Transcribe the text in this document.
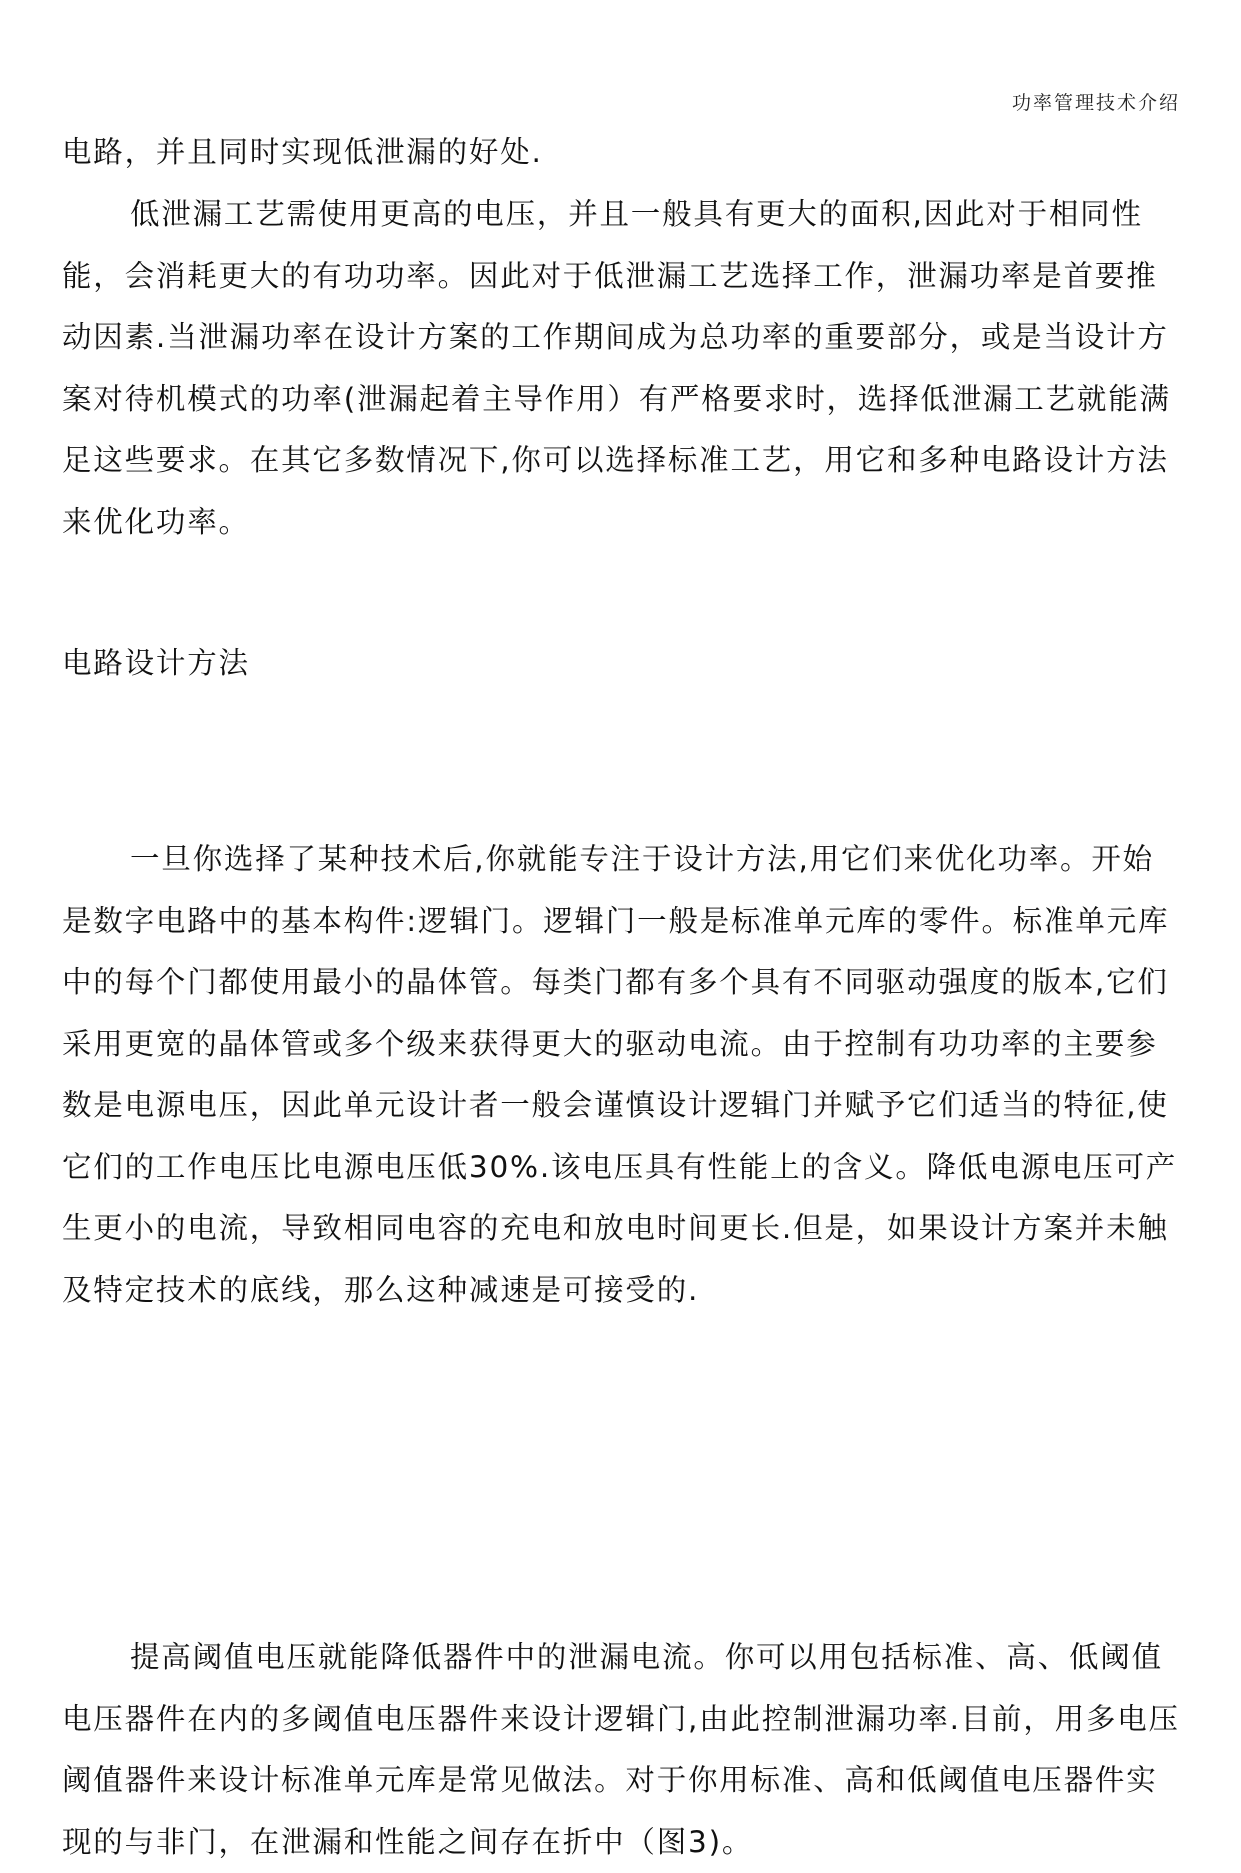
功率管理技术介绍

电路，并且同时实现低泄漏的好处.

低泄漏工艺需使用更高的电压，并且一般具有更大的面积,因此对于相同性能，会消耗更大的有功功率。因此对于低泄漏工艺选择工作，泄漏功率是首要推动因素.当泄漏功率在设计方案的工作期间成为总功率的重要部分，或是当设计方案对待机模式的功率(泄漏起着主导作用）有严格要求时，选择低泄漏工艺就能满足这些要求。在其它多数情况下,你可以选择标准工艺，用它和多种电路设计方法来优化功率。

电路设计方法

一旦你选择了某种技术后,你就能专注于设计方法,用它们来优化功率。开始是数字电路中的基本构件:逻辑门。逻辑门一般是标准单元库的零件。标准单元库中的每个门都使用最小的晶体管。每类门都有多个具有不同驱动强度的版本,它们采用更宽的晶体管或多个级来获得更大的驱动电流。由于控制有功功率的主要参数是电源电压，因此单元设计者一般会谨慎设计逻辑门并赋予它们适当的特征,使它们的工作电压比电源电压低30%.该电压具有性能上的含义。降低电源电压可产生更小的电流，导致相同电容的充电和放电时间更长.但是，如果设计方案并未触及特定技术的底线，那么这种减速是可接受的.

提高阈值电压就能降低器件中的泄漏电流。你可以用包括标准、高、低阈值电压器件在内的多阈值电压器件来设计逻辑门,由此控制泄漏功率.目前，用多电压阈值器件来设计标准单元库是常见做法。对于你用标准、高和低阈值电压器件实现的与非门，在泄漏和性能之间存在折中（图3)。
